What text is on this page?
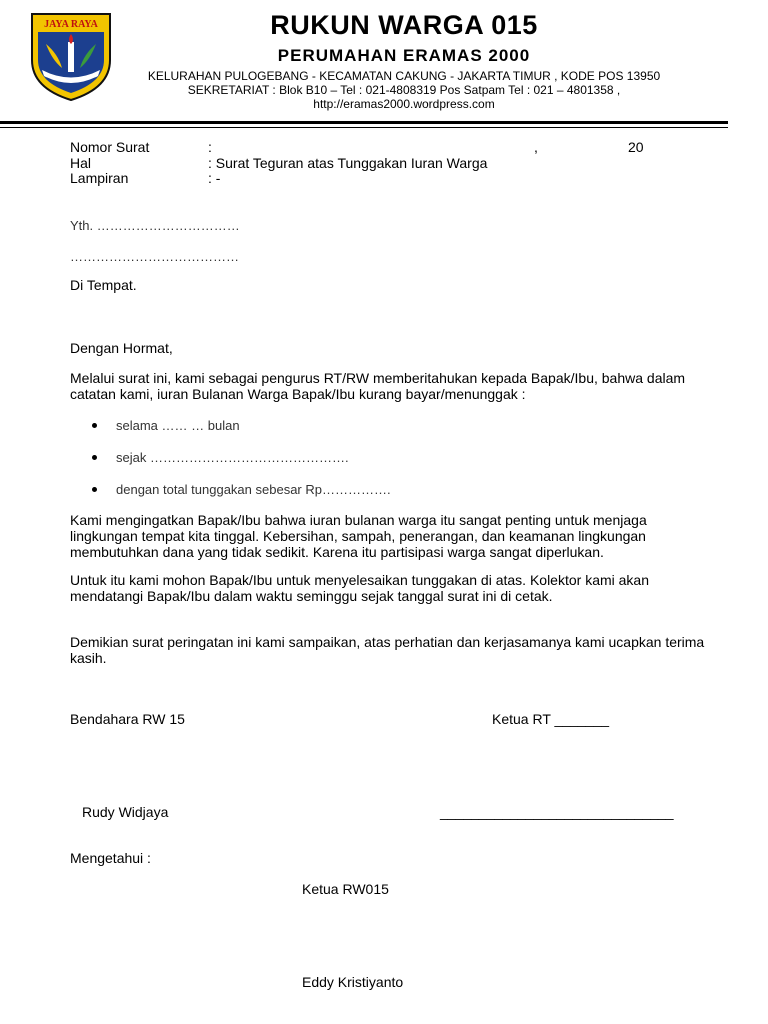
JAYA RAYA	RUKUN WARGA 015
PERUMAHAN ERAMAS 2000
KELURAHAN PULOGEBANG - KECAMATAN CAKUNG - JAKARTA TIMUR , KODE POS 13950
SEKRETARIAT : Blok B10 – Tel : 021-4808319 Pos Satpam Tel : 021 – 4801358 ,
http://eramas2000.wordpress.com
Nomor Surat	:	,	20
Hal	: Surat Teguran atas Tunggakan Iuran Warga
Lampiran	: -
Yth. ……………………………
…………………………………
Di Tempat.
Dengan Hormat,
Melalui surat ini, kami sebagai pengurus RT/RW memberitahukan kepada Bapak/Ibu, bahwa dalam catatan kami, iuran Bulanan Warga Bapak/Ibu kurang bayar/menunggak :
selama …… … bulan
sejak ……………………………………….
dengan total tunggakan sebesar Rp…………….
Kami mengingatkan Bapak/Ibu bahwa iuran bulanan warga itu sangat penting untuk menjaga lingkungan tempat kita tinggal. Kebersihan, sampah, penerangan, dan keamanan lingkungan membutuhkan dana yang tidak sedikit. Karena itu partisipasi warga sangat diperlukan.
Untuk itu kami mohon Bapak/Ibu untuk menyelesaikan tunggakan di atas. Kolektor kami akan mendatangi Bapak/Ibu dalam waktu seminggu sejak tanggal surat ini di cetak.
Demikian surat peringatan ini kami sampaikan, atas perhatian dan kerjasamanya kami ucapkan terima kasih.
Bendahara RW 15	Ketua RT _______
Rudy Widjaya	______________________________
Mengetahui :
Ketua RW015
Eddy Kristiyanto
